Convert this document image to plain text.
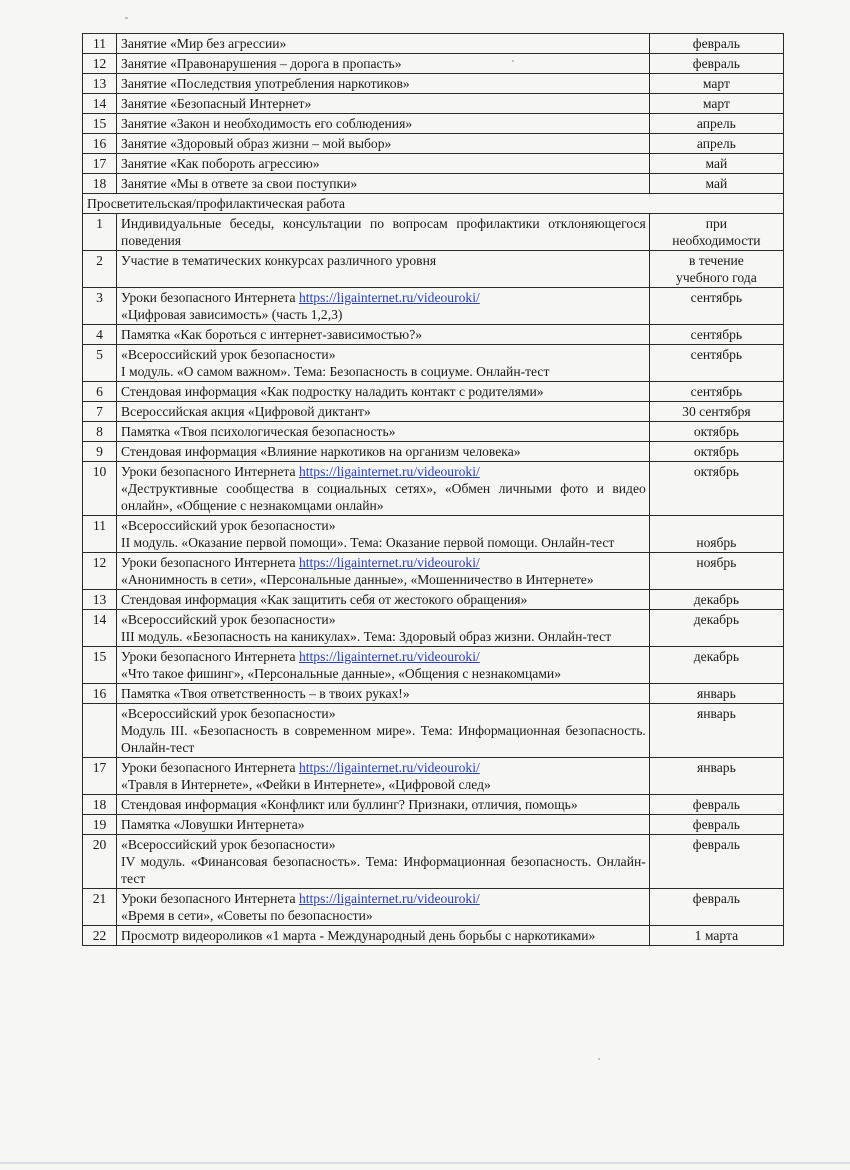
11	Занятие «Мир без агрессии»	февраль

12	Занятие «Правонарушения – дорога в пропасть»	февраль

13	Занятие «Последствия употребления наркотиков»	март

14	Занятие «Безопасный Интернет»	март

15	Занятие «Закон и необходимость его соблюдения»	апрель

16	Занятие «Здоровый образ жизни – мой выбор»	апрель

17	Занятие «Как побороть агрессию»	май

18	Занятие «Мы в ответе за свои поступки»	май

Просветительская/профилактическая работа		
1	Индивидуальные беседы, консультации по вопросам профилактики отклоняющегося поведения	при
необходимости

2	Участие в тематических конкурсах различного уровня	в течение
учебного года

3	Уроки безопасного Интернета https://ligainternet.ru/videouroki/
«Цифровая зависимость» (часть 1,2,3)	сентябрь

4	Памятка «Как бороться с интернет-зависимостью?»	сентябрь

5	«Всероссийский урок безопасности»
I модуль. «О самом важном». Тема: Безопасность в социуме. Онлайн-тест	сентябрь

6	Стендовая информация «Как подростку наладить контакт с родителями»	сентябрь

7	Всероссийская акция «Цифровой диктант»	30 сентября

8	Памятка «Твоя психологическая безопасность»	октябрь

9	Стендовая информация «Влияние наркотиков на организм человека»	октябрь

10	Уроки безопасного Интернета https://ligainternet.ru/videouroki/
«Деструктивные сообщества в социальных сетях», «Обмен личными фото и видео онлайн», «Общение с незнакомцами онлайн»	октябрь

11	«Всероссийский урок безопасности»
II модуль. «Оказание первой помощи». Тема: Оказание первой помощи. Онлайн-тест	ноябрь

12	Уроки безопасного Интернета https://ligainternet.ru/videouroki/
«Анонимность в сети», «Персональные данные», «Мошенничество в Интернете»	ноябрь

13	Стендовая информация «Как защитить себя от жестокого обращения»	декабрь

14	«Всероссийский урок безопасности»
III модуль. «Безопасность на каникулах». Тема: Здоровый образ жизни. Онлайн-тест	декабрь

15	Уроки безопасного Интернета https://ligainternet.ru/videouroki/
«Что такое фишинг», «Персональные данные», «Общения с незнакомцами»	декабрь

16	Памятка «Твоя ответственность – в твоих руках!»	январь

	«Всероссийский урок безопасности»
Модуль III. «Безопасность в современном мире». Тема: Информационная безопасность. Онлайн-тест	январь

17	Уроки безопасного Интернета https://ligainternet.ru/videouroki/
«Травля в Интернете», «Фейки в Интернете», «Цифровой след»	январь

18	Стендовая информация «Конфликт или буллинг? Признаки, отличия, помощь»	февраль

19	Памятка «Ловушки Интернета»	февраль

20	«Всероссийский урок безопасности»
IV модуль. «Финансовая безопасность». Тема: Информационная безопасность. Онлайн-тест	февраль

21	Уроки безопасного Интернета https://ligainternet.ru/videouroki/
«Время в сети», «Советы по безопасности»	февраль

22	Просмотр видеороликов «1 марта - Международный день борьбы с наркотиками»	1 марта
